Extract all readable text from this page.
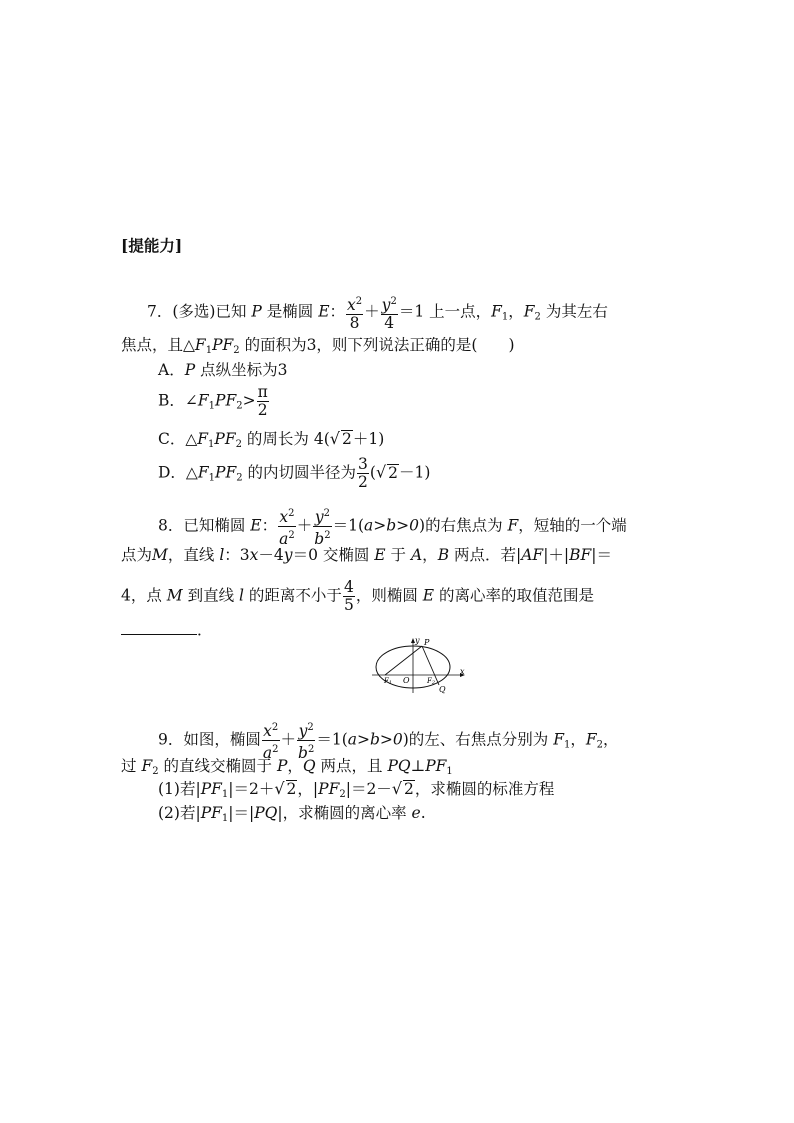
[提能力]
7．(多选)已知 P 是椭圆 E： $\frac{x^2}{8} + \frac{y^2}{4} =1$ 上一点，$F_1$，$F_2$ 为其左右
焦点，且$\triangle F_1PF_2$ 的面积为3，则下列说法正确的是(　　)
A．P 点纵坐标为3
B．$\angle F_1PF_2> \frac{\pi}{2}$
C．$\triangle F_1PF_2$ 的周长为 4(√ 2＋1)
D．$\triangle F_1PF_2$ 的内切圆半径为 $\frac{3}{2}$ (√ 2－1)
8．已知椭圆 E： $\frac{x^2}{a^2} + \frac{y^2}{b^2} =1(a>b>0)$的右焦点为 F，短轴的一个端
点为M，直线 l：3x－4y＝0 交椭圆 E 于 A，B 两点．若|AF|＋|BF|＝
4，点 M 到直线 l 的距离不小于 $\frac{4}{5}$ ，则椭圆 E 的离心率的取值范围是
．
y
x
P
O
F1	F2
Q
9．如图，椭圆 $\frac{x^2}{a^2} + \frac{y^2}{b^2} =1(a>b>0)$的左、右焦点分别为 $F_1$，$F_2$，
过 $F_2$ 的直线交椭圆于 P，Q 两点，且 $PQ\perp PF_1$
(1)若$|PF_1|=2+√$ 2，$|PF_2|=2-√$ 2，求椭圆的标准方程
(2)若$|PF_1|=|PQ|$，求椭圆的离心率 e.
